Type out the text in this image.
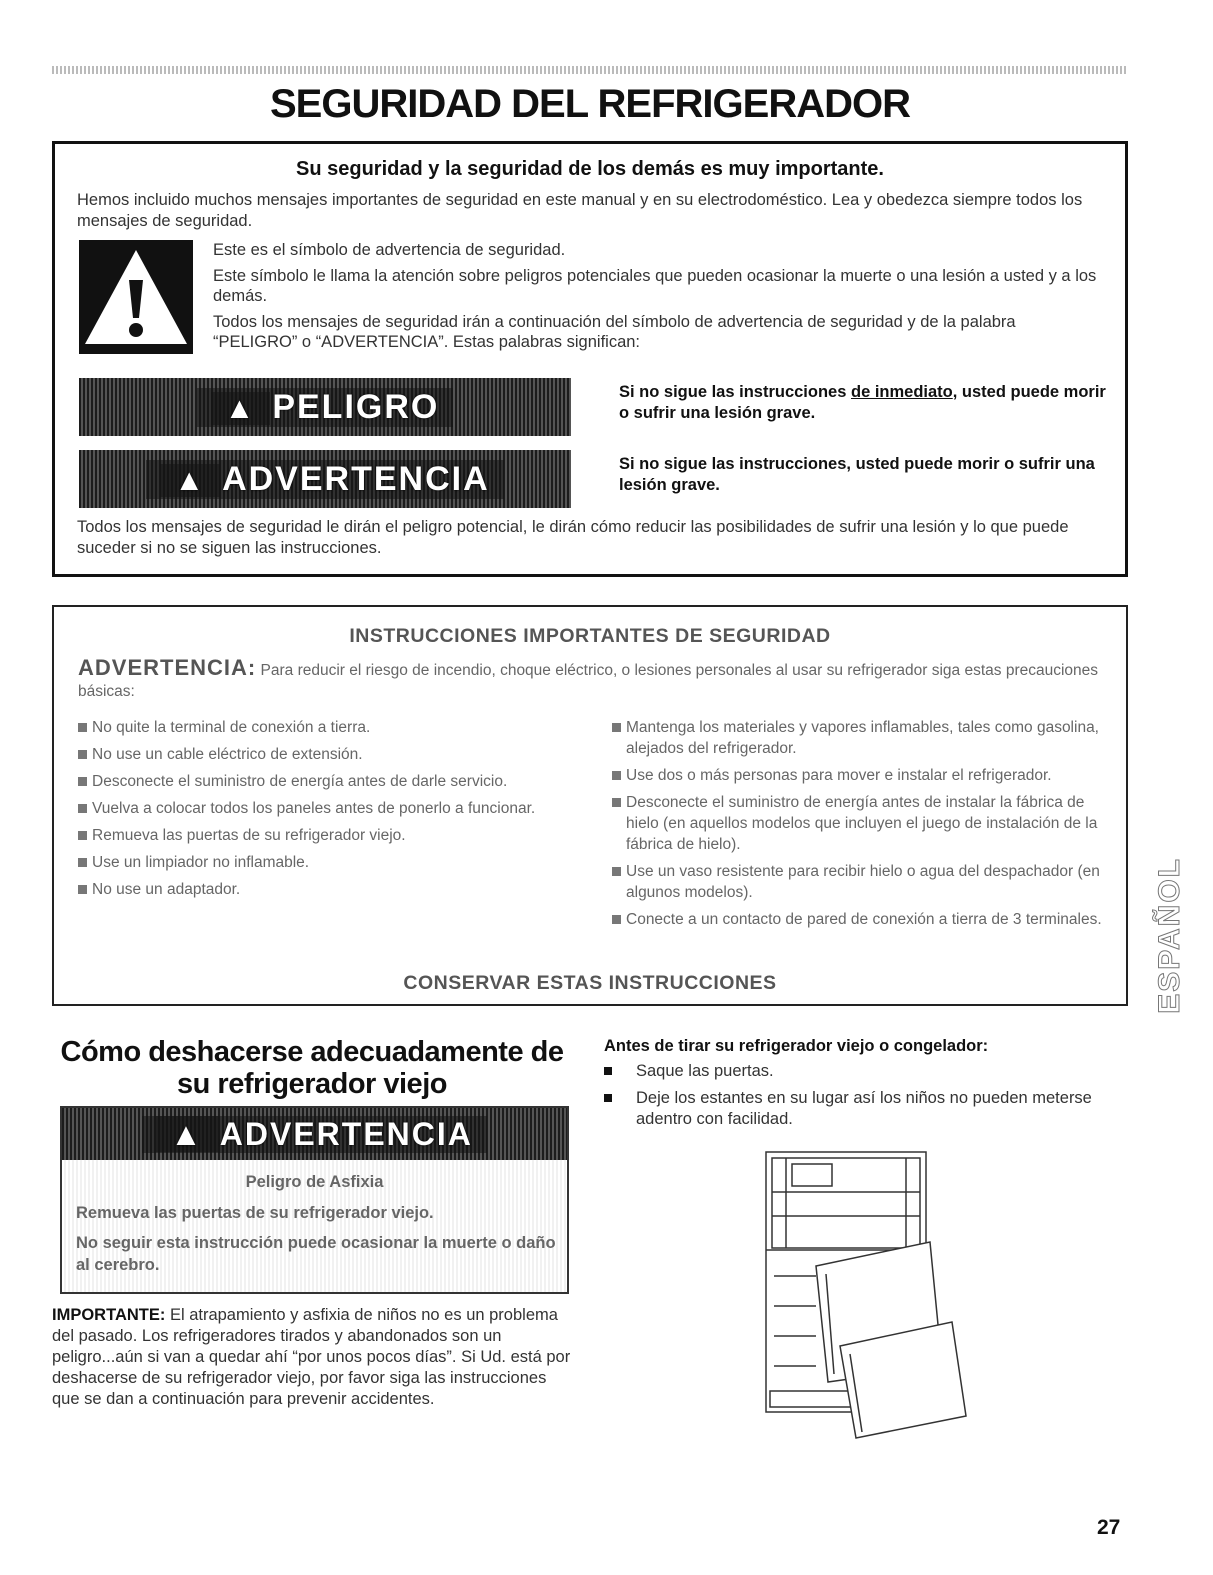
SEGURIDAD DEL REFRIGERADOR
Su seguridad y la seguridad de los demás es muy importante.

Hemos incluido muchos mensajes importantes de seguridad en este manual y en su electrodoméstico. Lea y obedezca siempre todos los mensajes de seguridad.

Este es el símbolo de advertencia de seguridad.

Este símbolo le llama la atención sobre peligros potenciales que pueden ocasionar la muerte o una lesión a usted y a los demás.

Todos los mensajes de seguridad irán a continuación del símbolo de advertencia de seguridad y de la palabra “PELIGRO” o “ADVERTENCIA”. Estas palabras significan:

▲ PELIGRO	Si no sigue las instrucciones de inmediato, usted puede morir o sufrir una lesión grave.

▲ ADVERTENCIA	Si no sigue las instrucciones, usted puede morir o sufrir una lesión grave.

Todos los mensajes de seguridad le dirán el peligro potencial, le dirán cómo reducir las posibilidades de sufrir una lesión y lo que puede suceder si no se siguen las instrucciones.

INSTRUCCIONES IMPORTANTES DE SEGURIDAD

ADVERTENCIA: Para reducir el riesgo de incendio, choque eléctrico, o lesiones personales al usar su refrigerador siga estas precauciones básicas:

No quite la terminal de conexión a tierra.
No use un cable eléctrico de extensión.
Desconecte el suministro de energía antes de darle servicio.
Vuelva a colocar todos los paneles antes de ponerlo a funcionar.
Remueva las puertas de su refrigerador viejo.
Use un limpiador no inflamable.
No use un adaptador.
Mantenga los materiales y vapores inflamables, tales como gasolina, alejados del refrigerador.
Use dos o más personas para mover e instalar el refrigerador.
Desconecte el suministro de energía antes de instalar la fábrica de hielo (en aquellos modelos que incluyen el juego de instalación de la fábrica de hielo).
Use un vaso resistente para recibir hielo o agua del despachador (en algunos modelos).
Conecte a un contacto de pared de conexión a tierra de 3 terminales.

CONSERVAR ESTAS INSTRUCCIONES	ESPAÑOL
Cómo deshacerse adecuadamente de
su refrigerador viejo
▲ ADVERTENCIA

Peligro de Asfixia

Remueva las puertas de su refrigerador viejo.

No seguir esta instrucción puede ocasionar la muerte o daño al cerebro.

IMPORTANTE: El atrapamiento y asfixia de niños no es un problema del pasado. Los refrigeradores tirados y abandonados son un peligro...aún si van a quedar ahí “por unos pocos días”. Si Ud. está por deshacerse de su refrigerador viejo, por favor siga las instrucciones que se dan a continuación para prevenir accidentes.

Antes de tirar su refrigerador viejo o congelador:
Saque las puertas.
Deje los estantes en su lugar así los niños no pueden meterse adentro con facilidad.
27
